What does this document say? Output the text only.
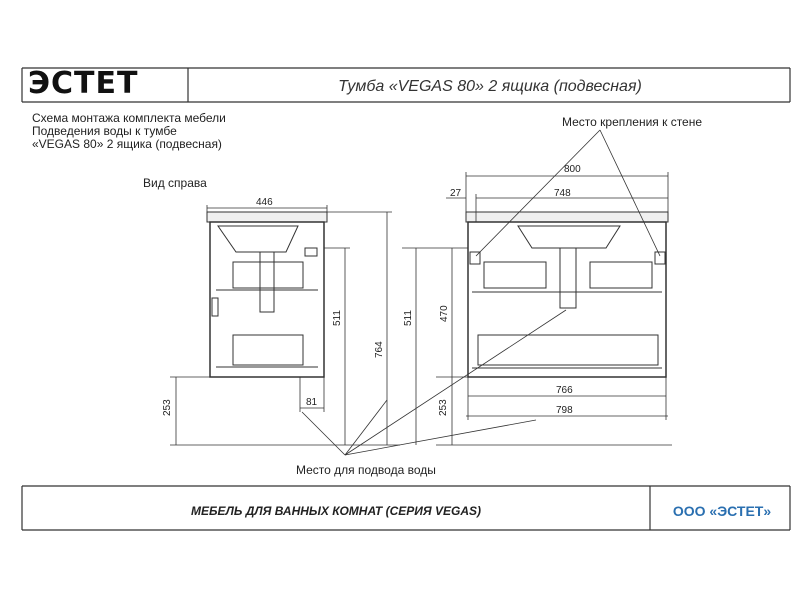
446
253
511
764
81
800
27	748
511	470
253
766
798
ЭСТЕТ	Тумба «VEGAS 80» 2 ящика (подвесная)
Схема монтажа комплекта мебели
Подведения воды к тумбе
«VEGAS 80» 2 ящика (подвесная)
Вид справа
Место крепления к стене
Место для подвода воды
МЕБЕЛЬ ДЛЯ ВАННЫХ КОМНАТ (СЕРИЯ VEGAS)	ООО «ЭСТЕТ»
